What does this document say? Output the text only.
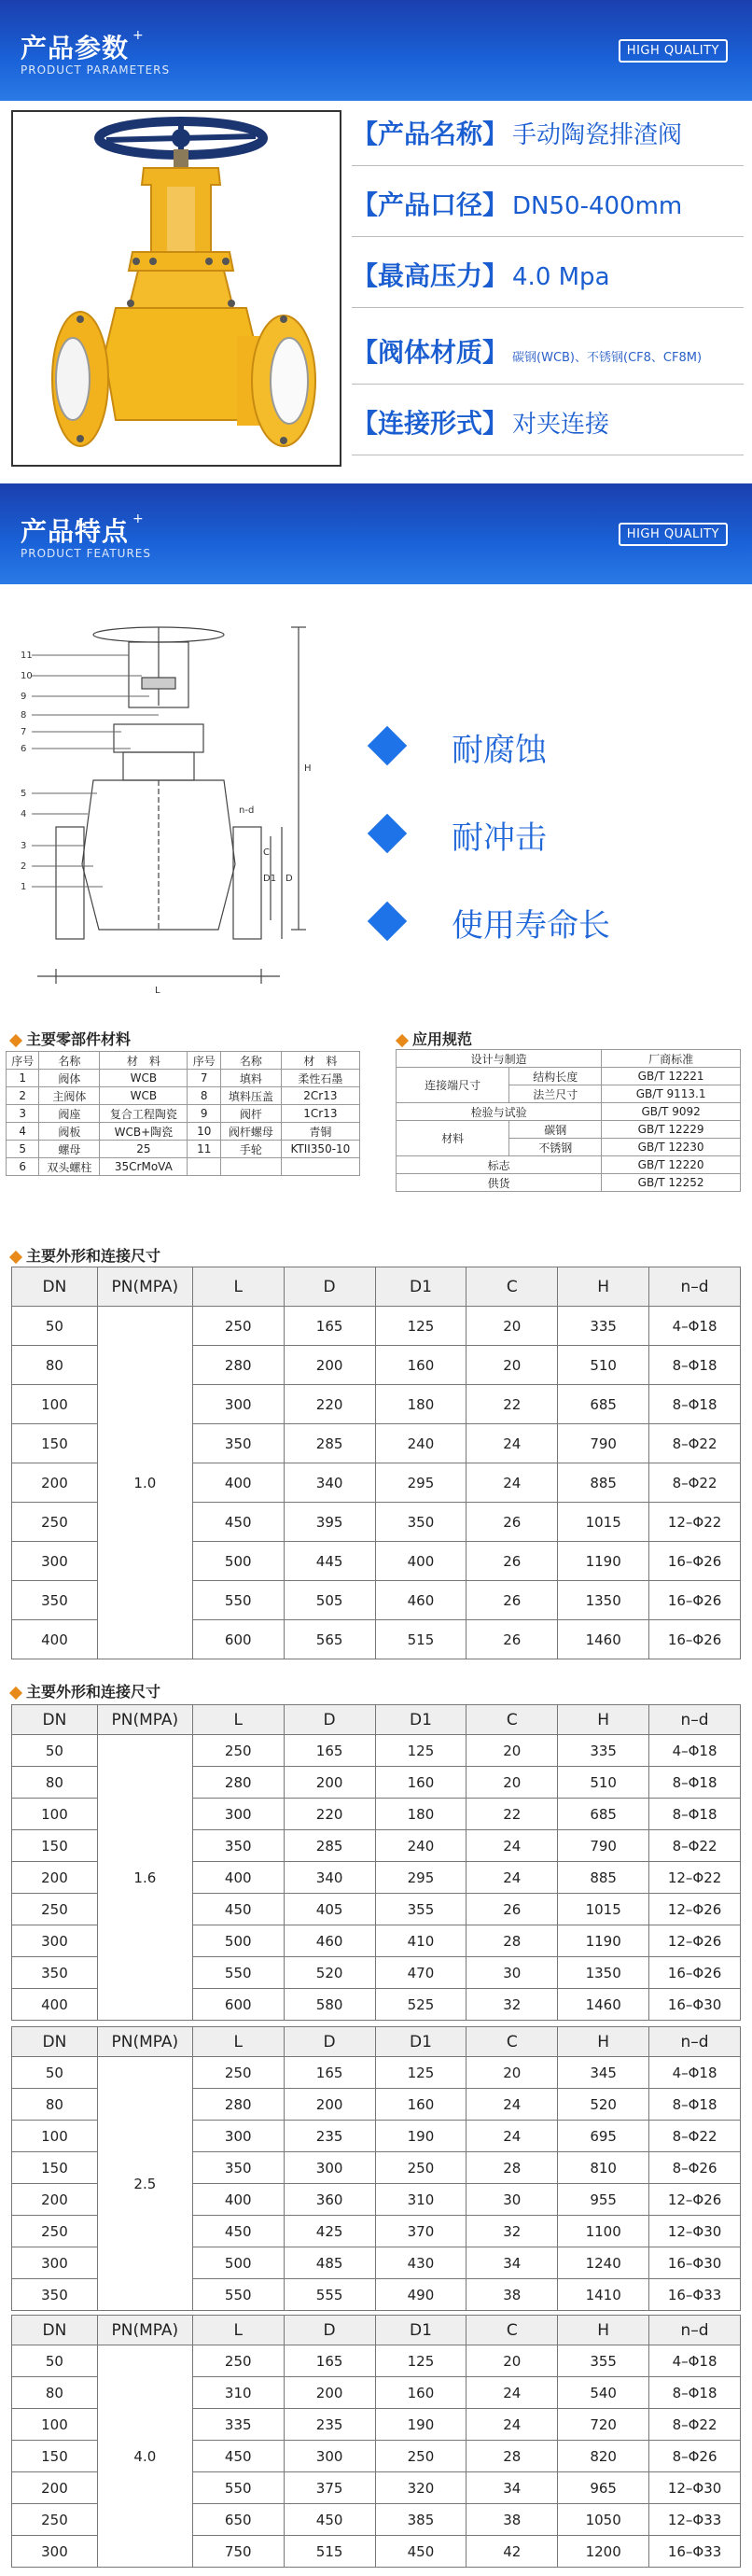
产品参数 +
PRODUCT PARAMETERS
HIGH QUALITY
【产品名称】 手动陶瓷排渣阀
【产品口径】 DN50-400mm
【最高压力】 4.0 Mpa
【阀体材质】 碳钢(WCB)、不锈钢(CF8、CF8M)
【连接形式】 对夹连接
产品特点 +
PRODUCT FEATURES
HIGH QUALITY
11
10
9
8
7
6
5
4
3
2
1
H
n-d
D1 D
C
L
耐腐蚀
耐冲击
使用寿命长
主要零部件材料
序号	名称	材　料	序号	名称	材　料
1	阀体	WCB	7	填料	柔性石墨
2	主阀体	WCB	8	填料压盖	2Cr13
3	阀座	复合工程陶瓷	9	阀杆	1Cr13
4	阀板	WCB+陶瓷	10	阀杆螺母	青铜
5	螺母	25	11	手轮	KTII350-10
6	双头螺柱	35CrMoVA			
应用规范
设计与制造		厂商标准
连接端尺寸	结构长度	GB/T 12221
	法兰尺寸	GB/T 9113.1
检验与试验		GB/T 9092
材料	碳钢	GB/T 12229
	不锈钢	GB/T 12230
标志		GB/T 12220
供货		GB/T 12252
主要外形和连接尺寸
DN	PN(MPA)	L	D	D1	C	H	n–d
50	1.0	250	165	125	20	335	4–Φ18
80		280	200	160	20	510	8–Φ18
100		300	220	180	22	685	8–Φ18
150		350	285	240	24	790	8–Φ22
200		400	340	295	24	885	8–Φ22
250		450	395	350	26	1015	12–Φ22
300		500	445	400	26	1190	16–Φ26
350		550	505	460	26	1350	16–Φ26
400		600	565	515	26	1460	16–Φ26
主要外形和连接尺寸
DN	PN(MPA)	L	D	D1	C	H	n–d
50	1.6	250	165	125	20	335	4–Φ18
80		280	200	160	20	510	8–Φ18
100		300	220	180	22	685	8–Φ18
150		350	285	240	24	790	8–Φ22
200		400	340	295	24	885	12–Φ22
250		450	405	355	26	1015	12–Φ26
300		500	460	410	28	1190	12–Φ26
350		550	520	470	30	1350	16–Φ26
400		600	580	525	32	1460	16–Φ30
DN	PN(MPA)	L	D	D1	C	H	n–d
50	2.5	250	165	125	20	345	4–Φ18
80		280	200	160	24	520	8–Φ18
100		300	235	190	24	695	8–Φ22
150		350	300	250	28	810	8–Φ26
200		400	360	310	30	955	12–Φ26
250		450	425	370	32	1100	12–Φ30
300		500	485	430	34	1240	16–Φ30
350		550	555	490	38	1410	16–Φ33
DN	PN(MPA)	L	D	D1	C	H	n–d
50	4.0	250	165	125	20	355	4–Φ18
80		310	200	160	24	540	8–Φ18
100		335	235	190	24	720	8–Φ22
150		450	300	250	28	820	8–Φ26
200		550	375	320	34	965	12–Φ30
250		650	450	385	38	1050	12–Φ33
300		750	515	450	42	1200	16–Φ33
